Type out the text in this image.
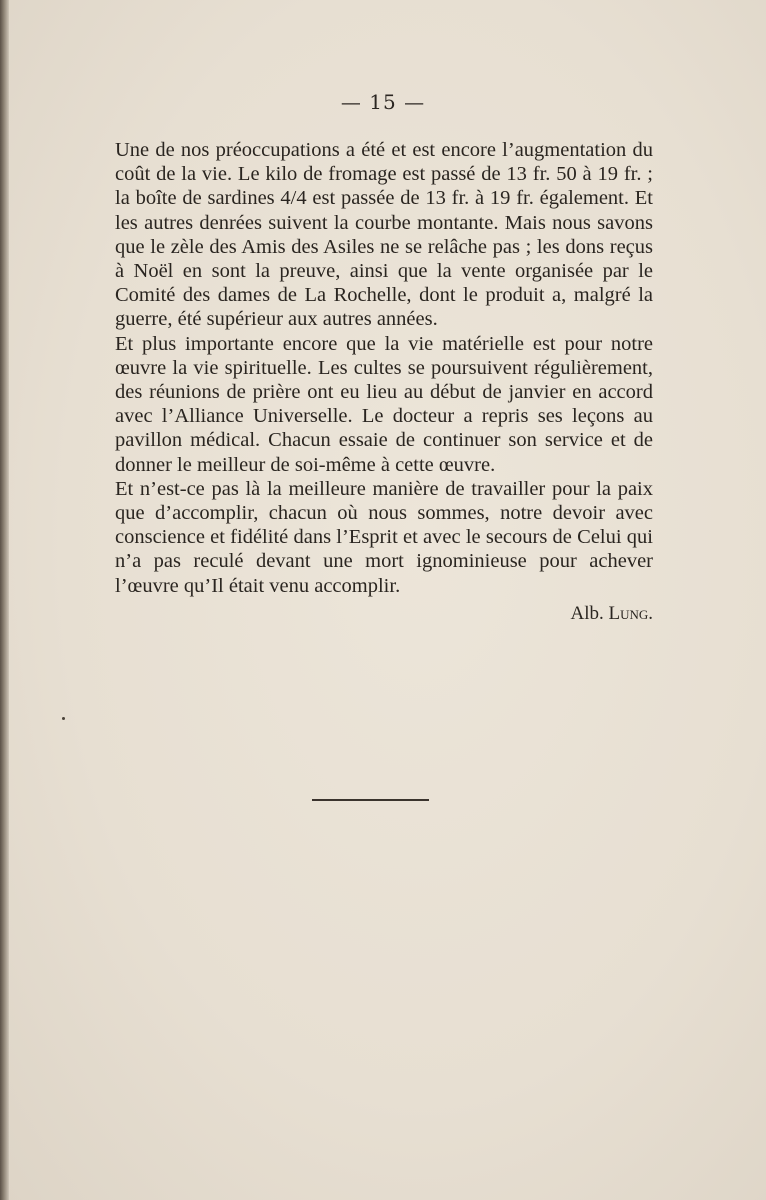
— 15 —

Une de nos préoccupations a été et est encore l’augmentation du coût de la vie. Le kilo de fromage est passé de 13 fr. 50 à 19 fr. ; la boîte de sardines 4/4 est passée de 13 fr. à 19 fr. également. Et les autres denrées suivent la courbe montante. Mais nous savons que le zèle des Amis des Asiles ne se relâche pas ; les dons reçus à Noël en sont la preuve, ainsi que la vente organisée par le Comité des dames de La Rochelle, dont le produit a, malgré la guerre, été supérieur aux autres années.

Et plus importante encore que la vie matérielle est pour notre œuvre la vie spirituelle. Les cultes se poursuivent régulièrement, des réunions de prière ont eu lieu au début de janvier en accord avec l’Alliance Universelle. Le docteur a repris ses leçons au pavillon médical. Chacun essaie de continuer son service et de donner le meilleur de soi-même à cette œuvre.

Et n’est-ce pas là la meilleure manière de travailler pour la paix que d’accomplir, chacun où nous sommes, notre devoir avec conscience et fidélité dans l’Esprit et avec le secours de Celui qui n’a pas reculé devant une mort ignominieuse pour achever l’œuvre qu’Il était venu accomplir.

Alb. Lung.
